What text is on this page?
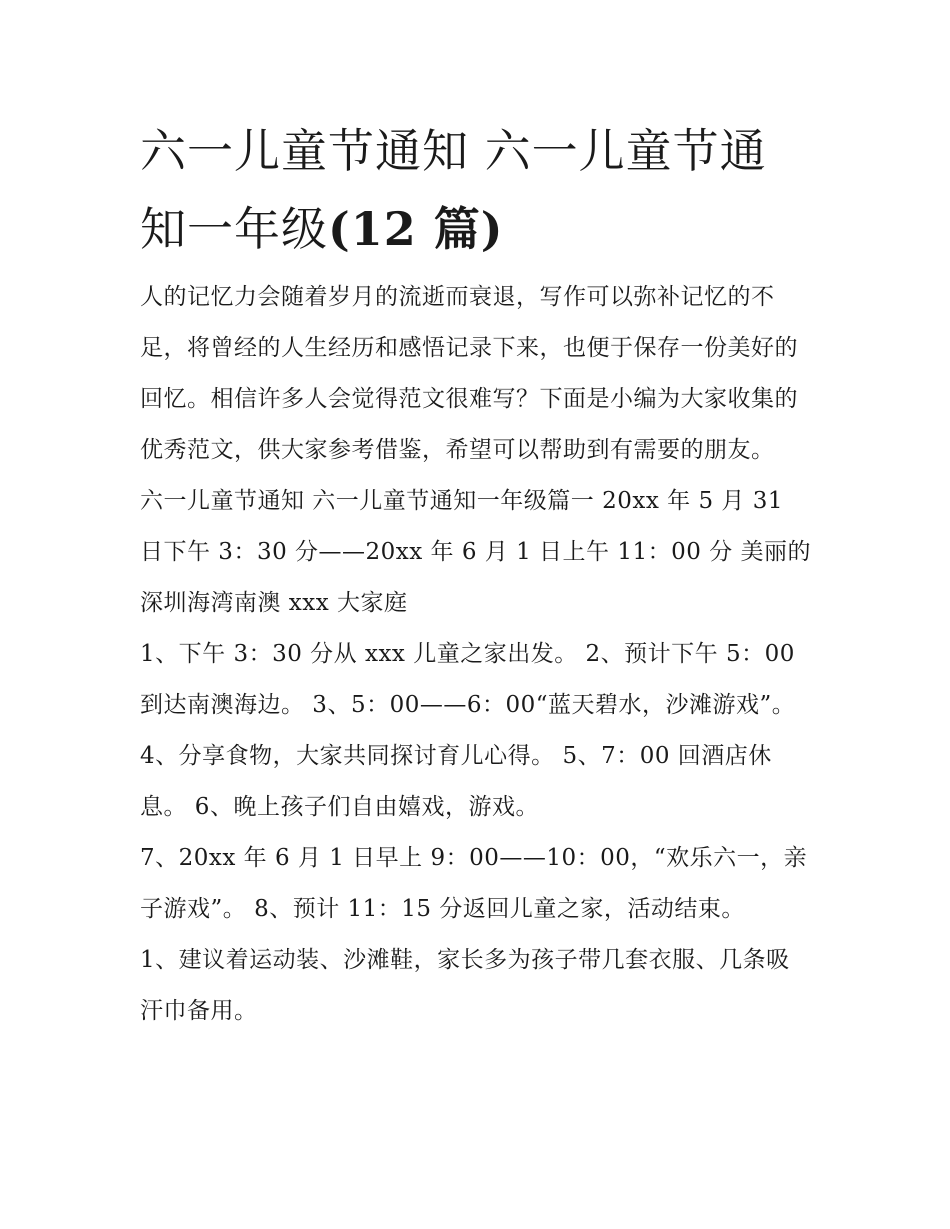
六一儿童节通知 六一儿童节通知一年级(12 篇)

人的记忆力会随着岁月的流逝而衰退，写作可以弥补记忆的不足，将曾经的人生经历和感悟记录下来，也便于保存一份美好的回忆。相信许多人会觉得范文很难写？下面是小编为大家收集的优秀范文，供大家参考借鉴，希望可以帮助到有需要的朋友。

六一儿童节通知 六一儿童节通知一年级篇一 20xx 年 5 月 31 日下午 3：30 分——20xx 年 6 月 1 日上午 11：00 分 美丽的深圳海湾南澳 xxx 大家庭

1、下午 3：30 分从 xxx 儿童之家出发。 2、预计下午 5：00 到达南澳海边。 3、5：00——6：00“蓝天碧水，沙滩游戏”。

4、分享食物，大家共同探讨育儿心得。 5、7：00 回酒店休息。 6、晚上孩子们自由嬉戏，游戏。

7、20xx 年 6 月 1 日早上 9：00——10：00，“欢乐六一，亲子游戏”。 8、预计 11：15 分返回儿童之家，活动结束。

1、建议着运动装、沙滩鞋，家长多为孩子带几套衣服、几条吸汗巾备用。
